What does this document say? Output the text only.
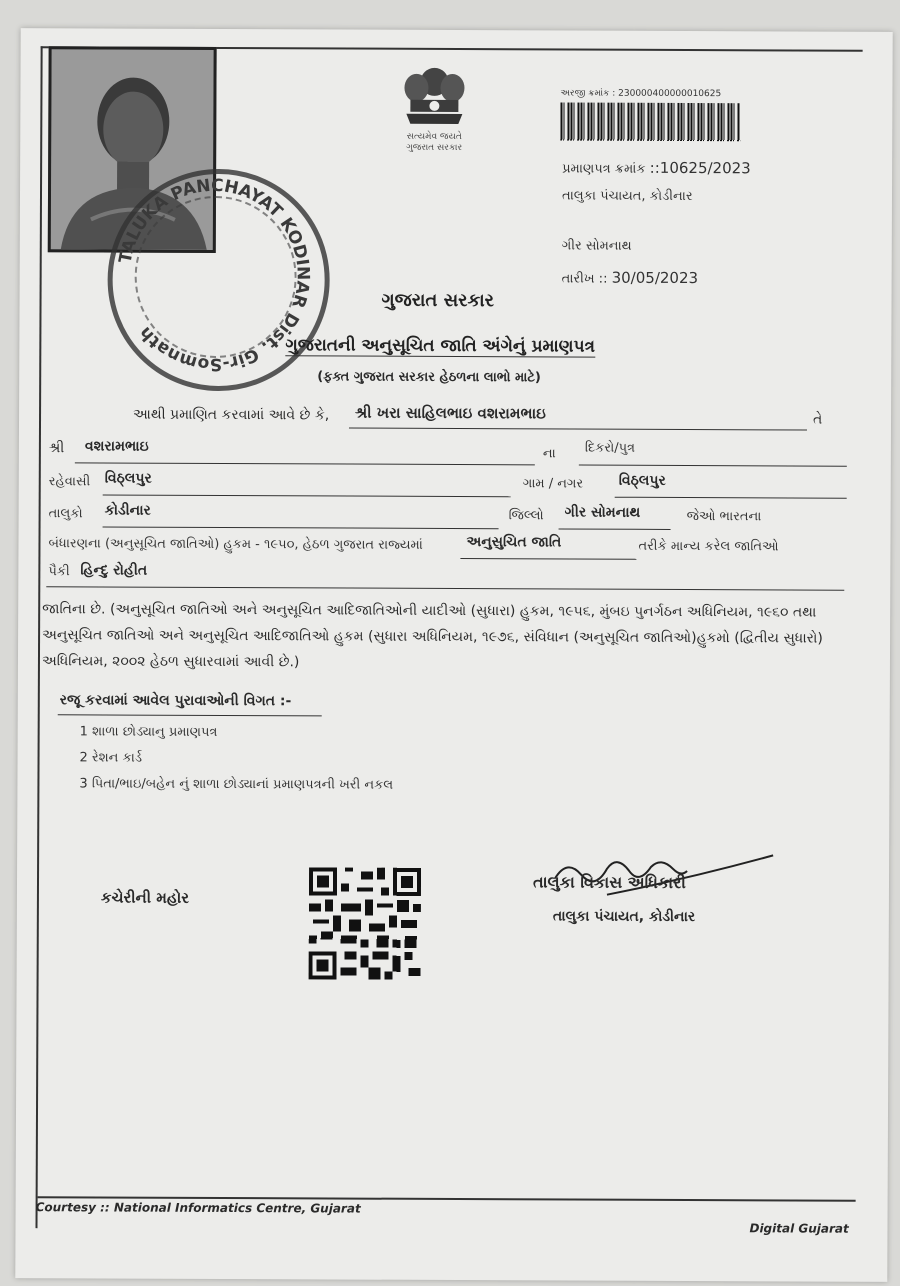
TALUKA PANCHAYAT KODINAR Dist. Gir-Somnath
સત્યમેવ જયતે
ગુજરાત સરકાર
અરજી ક્રમાંક : 230000400000010625
પ્રમાણપત્ર ક્રમાંક ::10625/2023
તાલુકા પંચાયત, કોડીનાર
ગીર સોમનાથ
તારીખ :: 30/05/2023
ગુજરાત સરકાર
ગુજરાતની અનુસૂચિત જાતિ અંગેનું પ્રમાણપત્ર
(ફક્ત ગુજરાત સરકાર હેઠળના લાભો માટે)
આથી પ્રમાણિત કરવામાં આવે છે કે, શ્રી ખરા સાહિલભાઇ વશરામભાઇ	તે
શ્રી વશરામભાઇ	ના દિકરો/પુત્ર
રહેવાસી વિઠ્લપુર	ગામ / નગર	વિઠ્લપુર
તાલુકો કોડીનાર	જિલ્લો ગીર સોમનાથ	જેઓ ભારતના
બંધારણના (અનુસૂચિત જાતિઓ) હુકમ - ૧૯૫૦, હેઠળ ગુજરાત રાજ્યમાં	અનુસુચિત જાતિ	તરીકે માન્ય કરેલ જાતિઓ
પૈકી હિન્દુ રોહીત
જાતિના છે. (અનુસૂચિત જાતિઓ અને અનુસૂચિત આદિજાતિઓની યાદીઓ (સુધારા) હુકમ, ૧૯૫૬, મુંબઇ પુનર્ગઠન અધિનિયમ, ૧૯૬૦ તથા અનુસૂચિત જાતિઓ અને અનુસૂચિત આદિજાતિઓ હુકમ (સુધારા અધિનિયમ, ૧૯૭૬, સંવિધાન (અનુસૂચિત જાતિઓ)હુકમો (દ્વિતીય સુધારો) અધિનિયમ, ૨૦૦૨ હેઠળ સુધારવામાં આવી છે.)
રજૂ કરવામાં આવેલ પુરાવાઓની વિગત :-
1 શાળા છોડ્યાનુ પ્રમાણપત્ર
2 રેશન કાર્ડ
3 પિતા/ભાઇ/બહેન નું શાળા છોડ્યાનાં પ્રમાણપત્રની ખરી નકલ
કચેરીની મહોર
તાલુકા વિકાસ અધિકારી
તાલુકા પંચાયત, કોડીનાર
Courtesy :: National Informatics Centre, Gujarat
Digital Gujarat
